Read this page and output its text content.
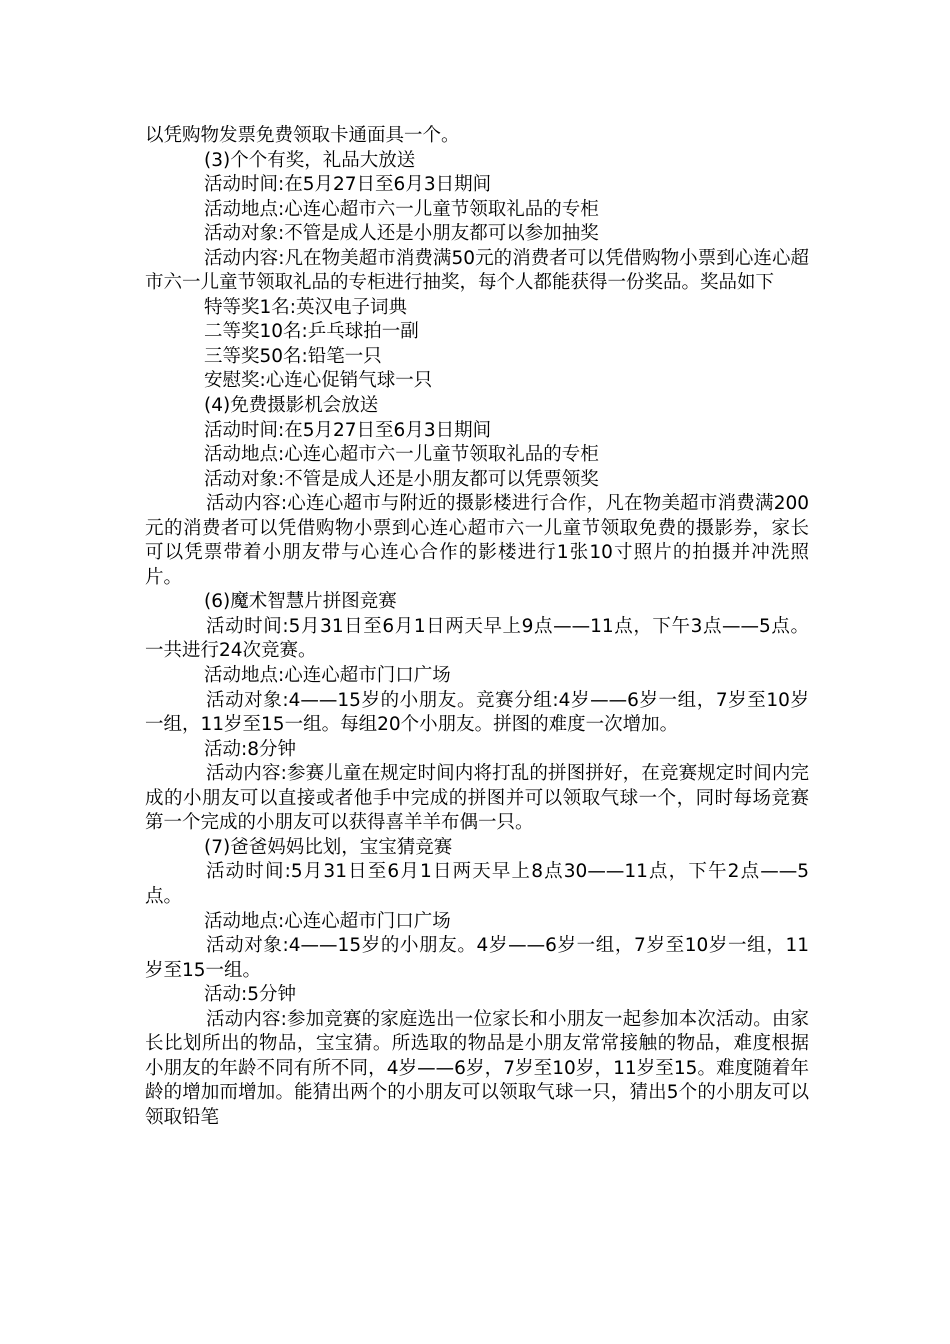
以凭购物发票免费领取卡通面具一个。

(3)个个有奖，礼品大放送

活动时间:在5月27日至6月3日期间

活动地点:心连心超市六一儿童节领取礼品的专柜

活动对象:不管是成人还是小朋友都可以参加抽奖

活动内容:凡在物美超市消费满50元的消费者可以凭借购物小票到心连心超市六一儿童节领取礼品的专柜进行抽奖，每个人都能获得一份奖品。奖品如下

特等奖1名:英汉电子词典

二等奖10名:乒乓球拍一副

三等奖50名:铅笔一只

安慰奖:心连心促销气球一只

(4)免费摄影机会放送

活动时间:在5月27日至6月3日期间

活动地点:心连心超市六一儿童节领取礼品的专柜

活动对象:不管是成人还是小朋友都可以凭票领奖

活动内容:心连心超市与附近的摄影楼进行合作，凡在物美超市消费满200元的消费者可以凭借购物小票到心连心超市六一儿童节领取免费的摄影券，家长可以凭票带着小朋友带与心连心合作的影楼进行1张10寸照片的拍摄并冲洗照片。

(6)魔术智慧片拼图竞赛

活动时间:5月31日至6月1日两天早上9点——11点，下午3点——5点。一共进行24次竞赛。

活动地点:心连心超市门口广场

活动对象:4——15岁的小朋友。竞赛分组:4岁——6岁一组，7岁至10岁一组，11岁至15一组。每组20个小朋友。拼图的难度一次增加。

活动:8分钟

活动内容:参赛儿童在规定时间内将打乱的拼图拼好，在竞赛规定时间内完成的小朋友可以直接或者他手中完成的拼图并可以领取气球一个，同时每场竞赛第一个完成的小朋友可以获得喜羊羊布偶一只。

(7)爸爸妈妈比划，宝宝猜竞赛

活动时间:5月31日至6月1日两天早上8点30——11点，下午2点——5点。

活动地点:心连心超市门口广场

活动对象:4——15岁的小朋友。4岁——6岁一组，7岁至10岁一组，11岁至15一组。

活动:5分钟

活动内容:参加竞赛的家庭选出一位家长和小朋友一起参加本次活动。由家长比划所出的物品，宝宝猜。所选取的物品是小朋友常常接触的物品，难度根据小朋友的年龄不同有所不同，4岁——6岁，7岁至10岁，11岁至15。难度随着年龄的增加而增加。能猜出两个的小朋友可以领取气球一只，猜出5个的小朋友可以领取铅笔
